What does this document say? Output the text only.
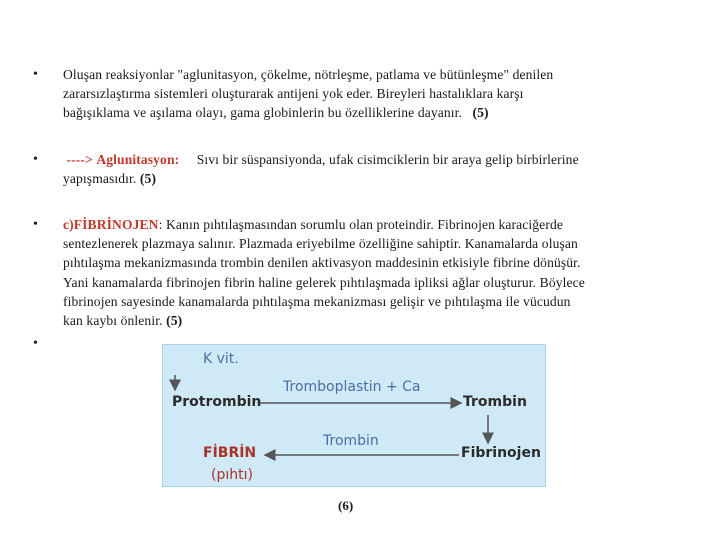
• Oluşan reaksiyonlar "aglunitasyon, çökelme, nötrleşme, patlama ve bütünleşme" denilen
zararsızlaştırma sistemleri oluşturarak antijeni yok eder. Bireyleri hastalıklara karşı
bağışıklama ve aşılama olayı, gama globinlerin bu özelliklerine dayanır. (5)
• ----> Aglunitasyon: Sıvı bir süspansiyonda, ufak cisimciklerin bir araya gelip birbirlerine
yapışmasıdır. (5)
• c)FİBRİNOJEN: Kanın pıhtılaşmasından sorumlu olan proteindir. Fibrinojen karaciğerde
sentezlenerek plazmaya salınır. Plazmada eriyebilme özelliğine sahiptir. Kanamalarda oluşan
pıhtılaşma mekanizmasında trombin denilen aktivasyon maddesinin etkisiyle fibrine dönüşür.
Yani kanamalarda fibrinojen fibrin haline gelerek pıhtılaşmada ipliksi ağlar oluşturur. Böylece
fibrinojen sayesinde kanamalarda pıhtılaşma mekanizması gelişir ve pıhtılaşma ile vücudun
kan kaybı önlenir. (5)
•
K vit.
Protrombin
Tromboplastin + Ca
Trombin
Fibrinojen
Trombin
FİBRİN
(pıhtı)
(6)
